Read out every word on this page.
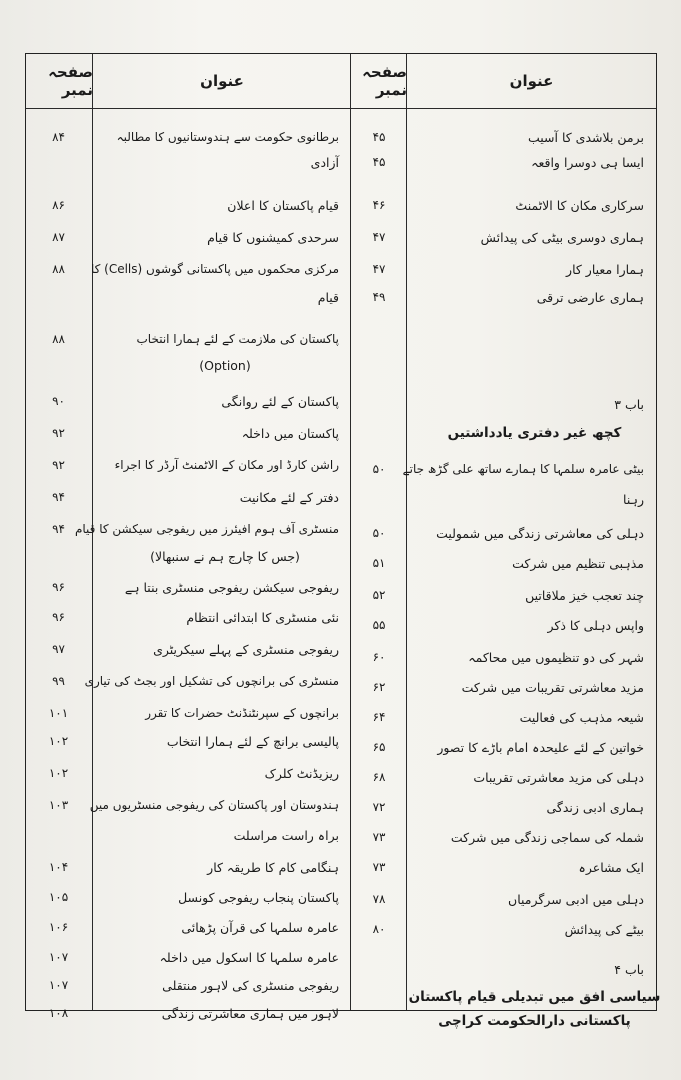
عنوان
صفحہ نمبر
عنوان
صفحہ نمبر
برمن بلاشدی کا آسیب
ایسا ہی دوسرا واقعہ
سرکاری مکان کا الاٹمنٹ
ہماری دوسری بیٹی کی پیدائش
ہمارا معیار کار
ہماری عارضی ترقی
باب ۳
کچھ غیر دفتری یادداشتیں
بیٹی عامرہ سلمہا کا ہمارے ساتھ علی گڑھ جاتے
رہنا
دہلی کی معاشرتی زندگی میں شمولیت
مذہبی تنظیم میں شرکت
چند تعجب خیز ملاقاتیں
واپس دہلی کا ذکر
شہر کی دو تنظیموں میں محاکمہ
مزید معاشرتی تقریبات میں شرکت
شیعہ مذہب کی فعالیت
خواتین کے لئے علیحدہ امام باڑے کا تصور
دہلی کی مزید معاشرتی تقریبات
ہماری ادبی زندگی
شملہ کی سماجی زندگی میں شرکت
ایک مشاعرہ
دہلی میں ادبی سرگرمیاں
بیٹے کی پیدائش
باب ۴
سیاسی افق میں تبدیلی قیام پاکستان
پاکستانی دارالحکومت کراچی
۴۵
۴۵
۴۶
۴۷
۴۷
۴۹
۵۰
۵۰
۵۱
۵۲
۵۵
۶۰
۶۲
۶۴
۶۵
۶۸
۷۲
۷۳
۷۳
۷۸
۸۰
برطانوی حکومت سے ہندوستانیوں کا مطالبہ
آزادی
قیام پاکستان کا اعلان
سرحدی کمیشنوں کا قیام
مرکزی محکموں میں پاکستانی گوشوں (Cells) کا
قیام
پاکستان کی ملازمت کے لئے ہمارا انتخاب
(Option)
پاکستان کے لئے روانگی
پاکستان میں داخلہ
راشن کارڈ اور مکان کے الاٹمنٹ آرڈر کا اجراء
دفتر کے لئے مکانیت
منسٹری آف ہوم افیئرز میں ریفوجی سیکشن کا قیام
(جس کا چارج ہم نے سنبھالا)
ریفوجی سیکشن ریفوجی منسٹری بنتا ہے
نئی منسٹری کا ابتدائی انتظام
ریفوجی منسٹری کے پہلے سیکریٹری
منسٹری کی برانچوں کی تشکیل اور بجٹ کی تیاری
برانچوں کے سپرنٹنڈنٹ حضرات کا تقرر
پالیسی برانچ کے لئے ہمارا انتخاب
ریزیڈنٹ کلرک
ہندوستان اور پاکستان کی ریفوجی منسٹریوں میں
براہ راست مراسلت
ہنگامی کام کا طریقہ کار
پاکستان پنجاب ریفوجی کونسل
عامرہ سلمہا کی قرآن پڑھائی
عامرہ سلمہا کا اسکول میں داخلہ
ریفوجی منسٹری کی لاہور منتقلی
لاہور میں ہماری معاشرتی زندگی
۸۴
۸۶
۸۷
۸۸
۸۸
۹۰
۹۲
۹۲
۹۴
۹۴
۹۶
۹۶
۹۷
۹۹
۱۰۱
۱۰۲
۱۰۲
۱۰۳
۱۰۴
۱۰۵
۱۰۶
۱۰۷
۱۰۷
۱۰۸
